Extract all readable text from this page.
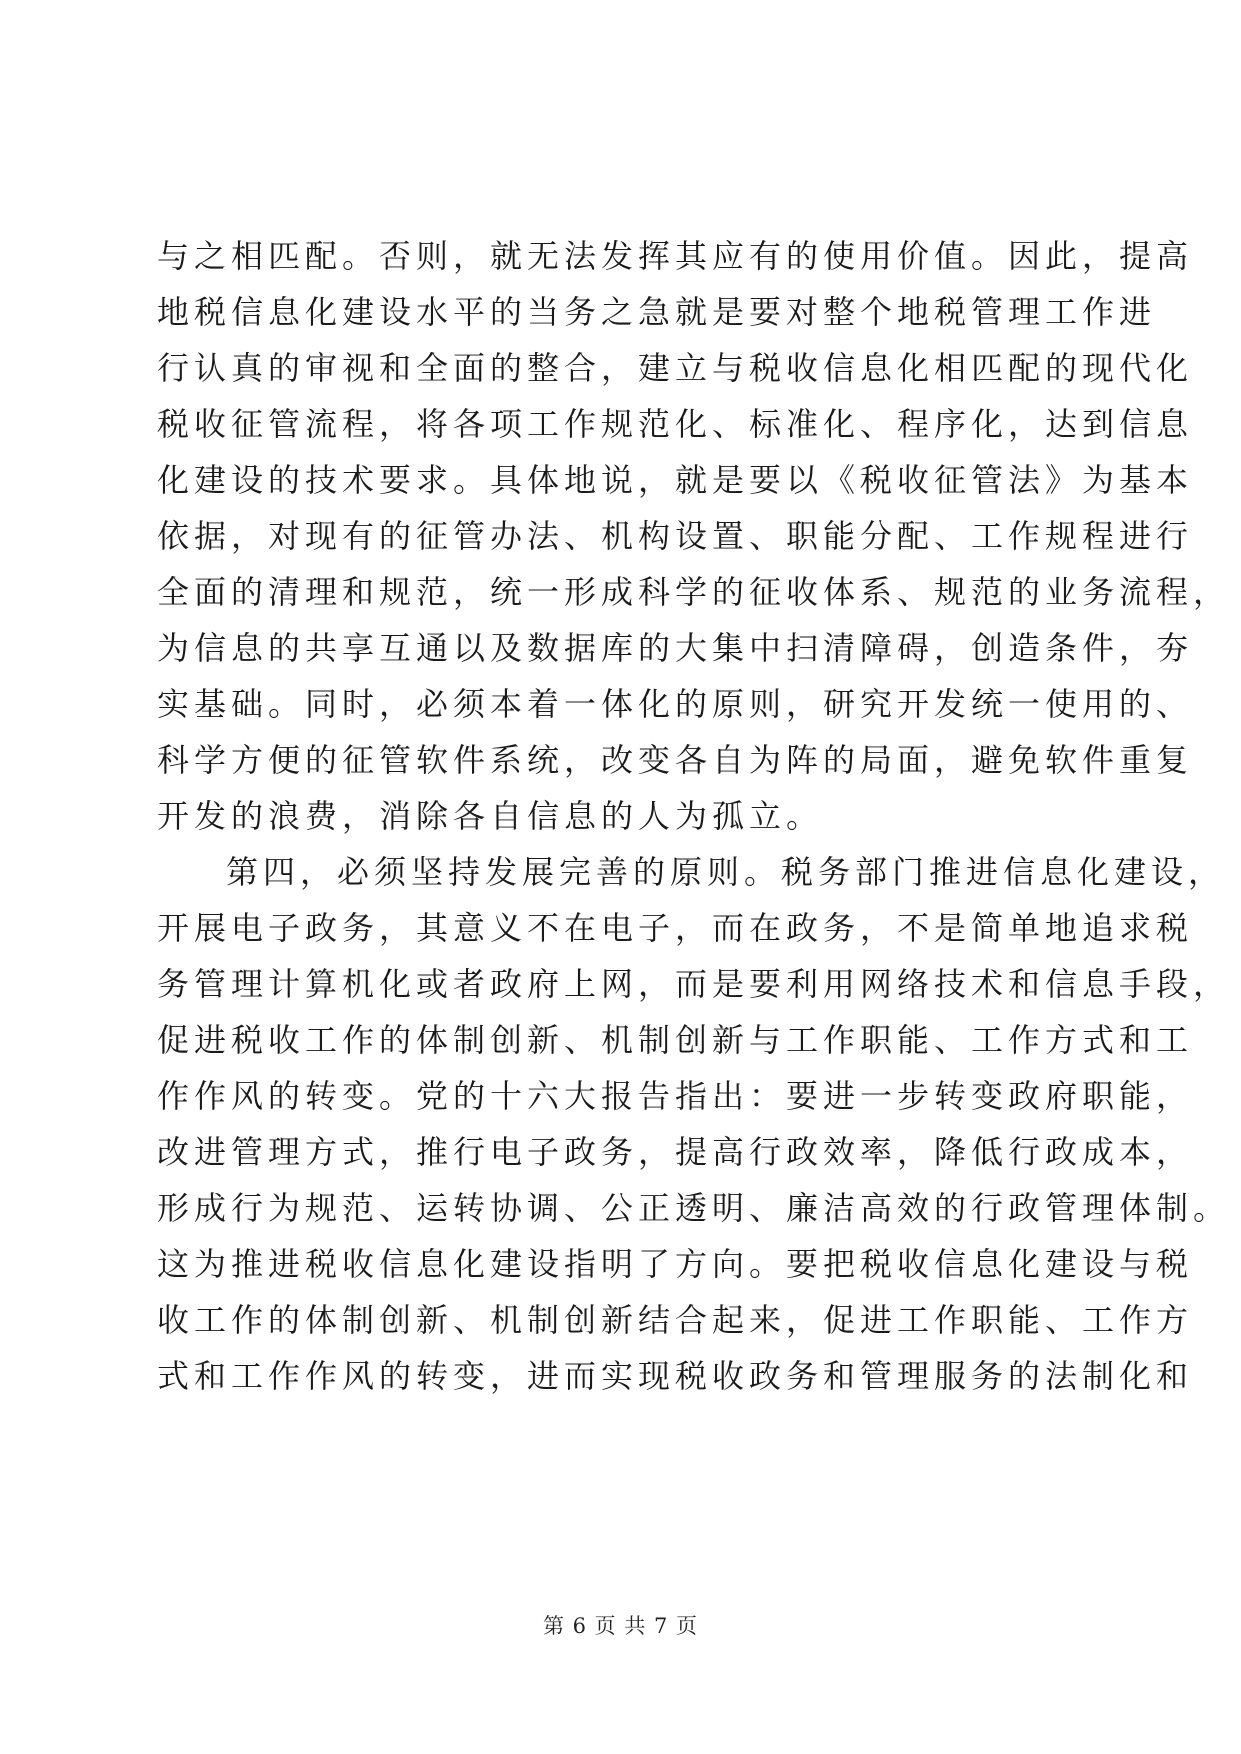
与之相匹配。否则，就无法发挥其应有的使用价值。因此，提高
地税信息化建设水平的当务之急就是要对整个地税管理工作进
行认真的审视和全面的整合，建立与税收信息化相匹配的现代化
税收征管流程，将各项工作规范化、标准化、程序化，达到信息
化建设的技术要求。具体地说，就是要以《税收征管法》为基本
依据，对现有的征管办法、机构设置、职能分配、工作规程进行
全面的清理和规范，统一形成科学的征收体系、规范的业务流程，
为信息的共享互通以及数据库的大集中扫清障碍，创造条件，夯
实基础。同时，必须本着一体化的原则，研究开发统一使用的、
科学方便的征管软件系统，改变各自为阵的局面，避免软件重复
开发的浪费，消除各自信息的人为孤立。
第四，必须坚持发展完善的原则。税务部门推进信息化建设，
开展电子政务，其意义不在电子，而在政务，不是简单地追求税
务管理计算机化或者政府上网，而是要利用网络技术和信息手段，
促进税收工作的体制创新、机制创新与工作职能、工作方式和工
作作风的转变。党的十六大报告指出：要进一步转变政府职能，
改进管理方式，推行电子政务，提高行政效率，降低行政成本，
形成行为规范、运转协调、公正透明、廉洁高效的行政管理体制。
这为推进税收信息化建设指明了方向。要把税收信息化建设与税
收工作的体制创新、机制创新结合起来，促进工作职能、工作方
式和工作作风的转变，进而实现税收政务和管理服务的法制化和
第 6 页 共 7 页
